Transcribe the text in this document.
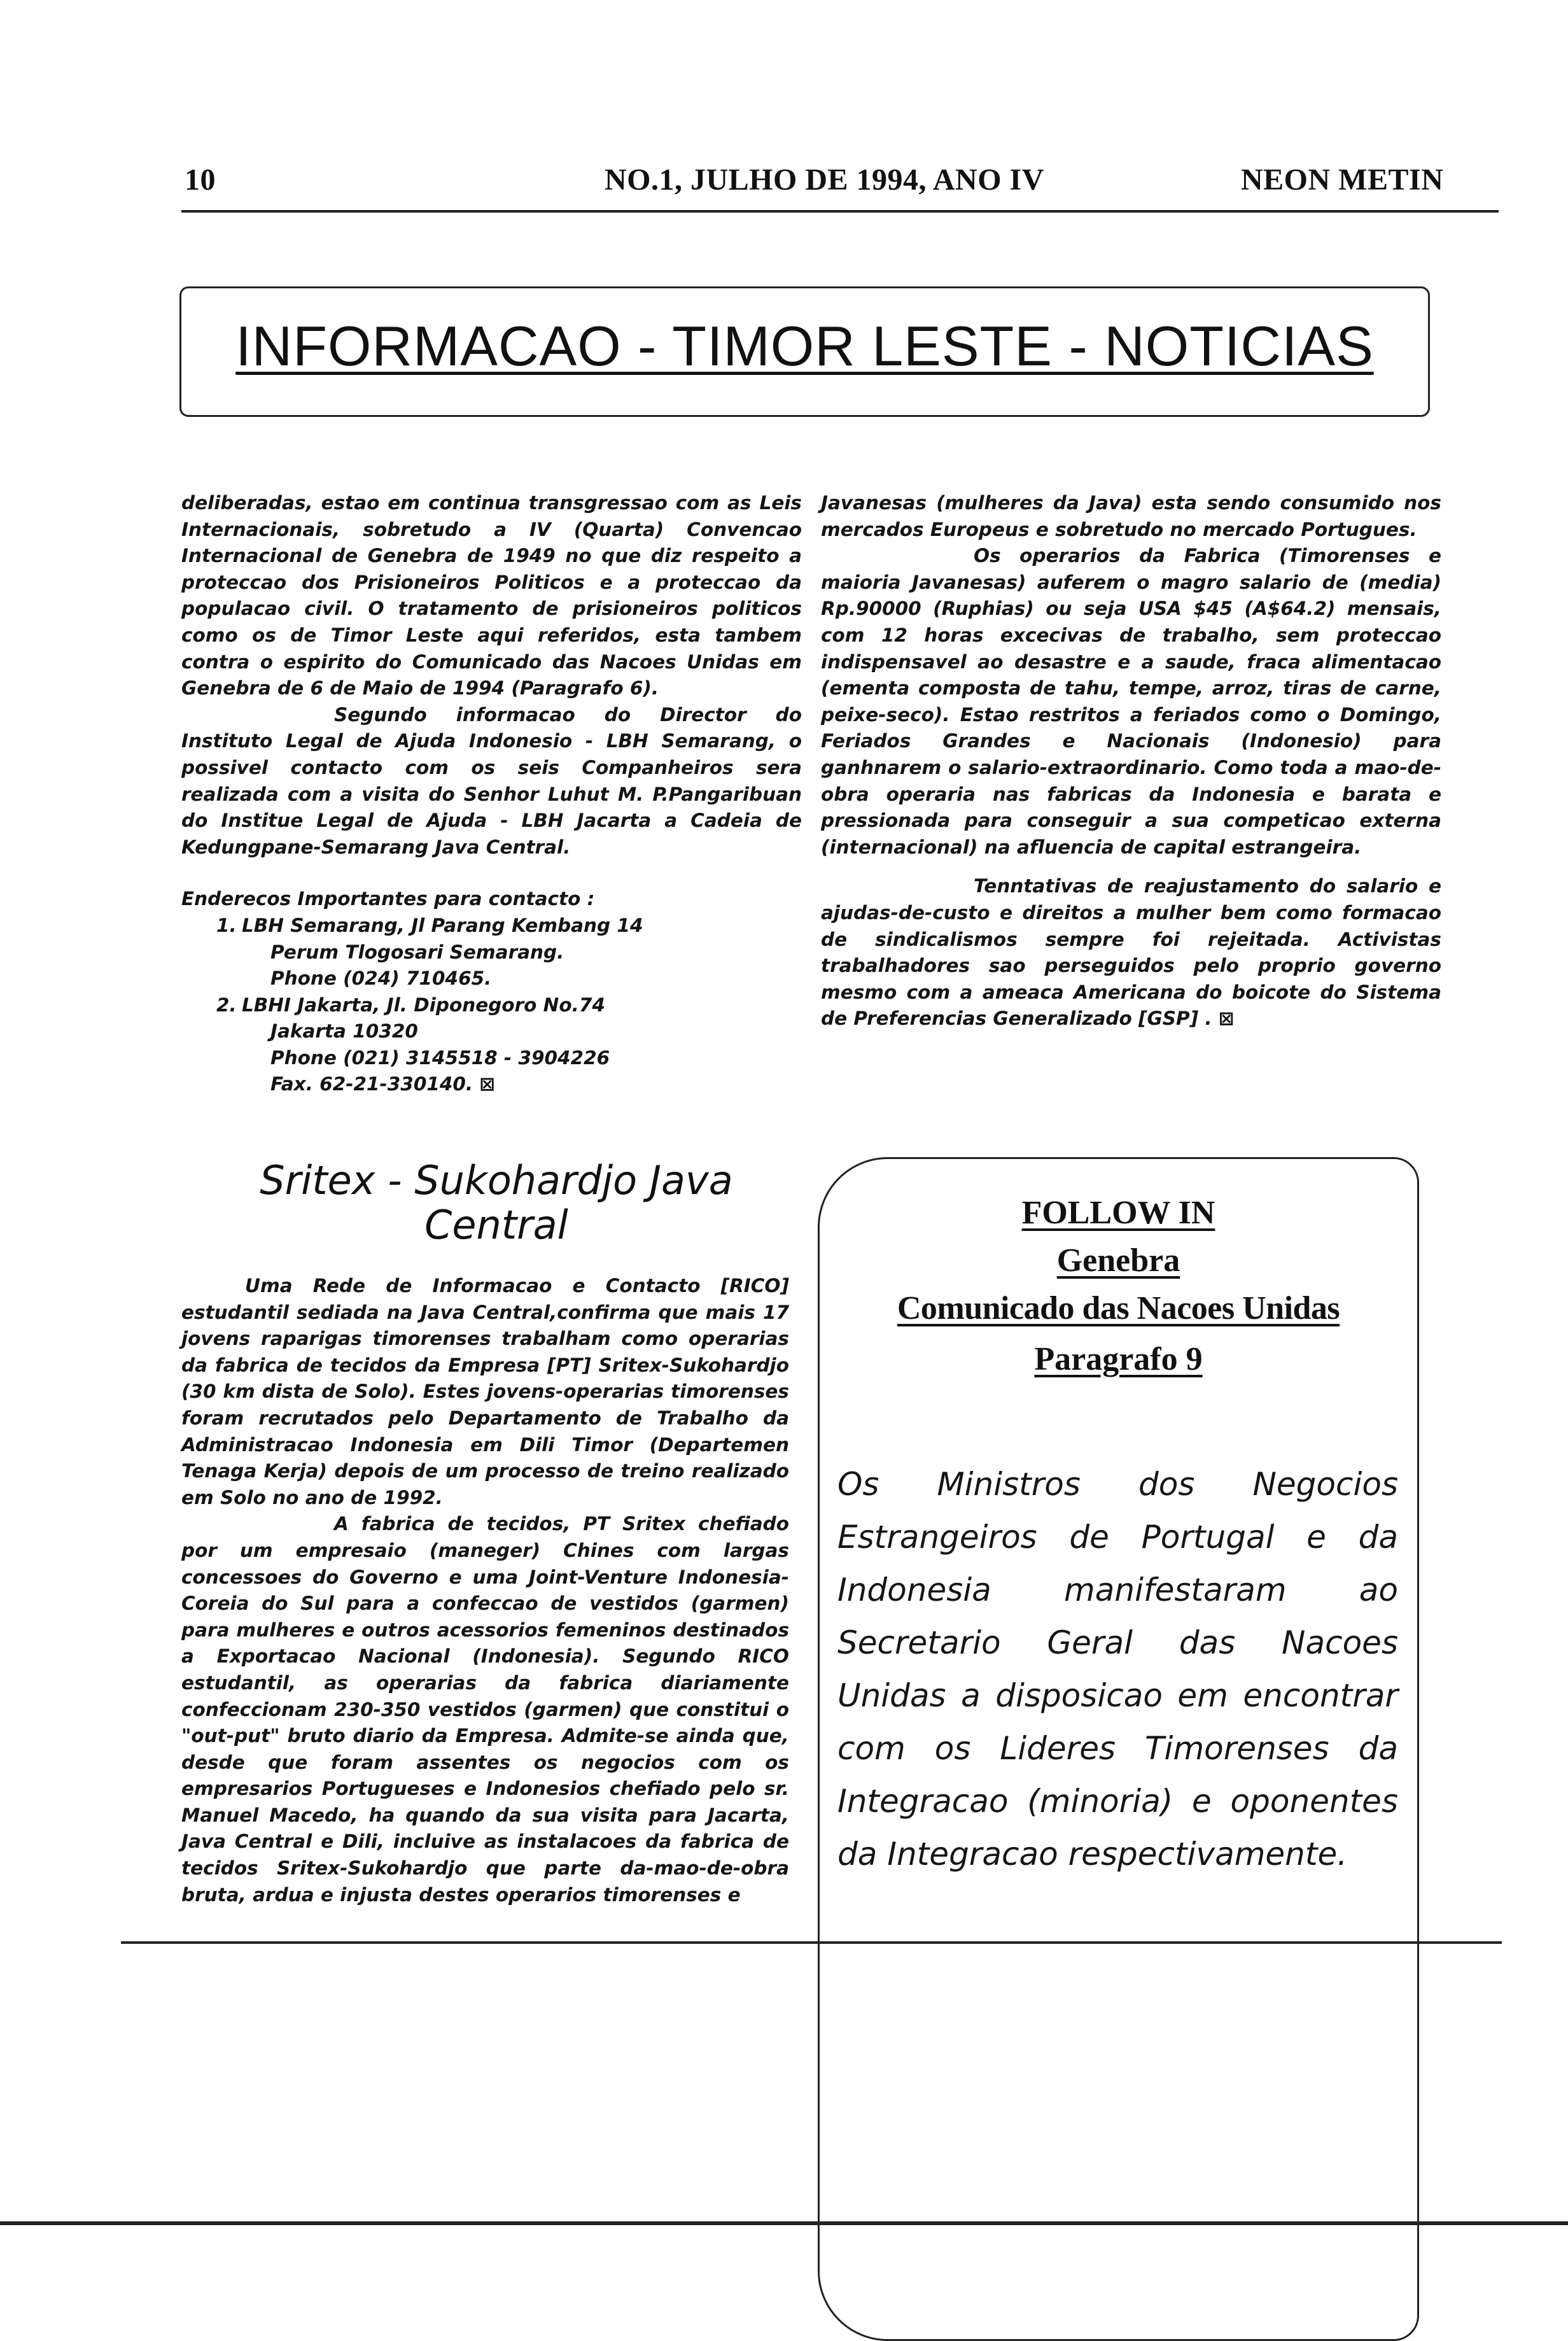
10	NO.1, JULHO DE 1994, ANO IV	NEON METIN
INFORMACAO - TIMOR LESTE - NOTICIAS

deliberadas, estao em continua transgressao com as Leis Internacionais, sobretudo a IV (Quarta) Convencao Internacional de Genebra de 1949 no que diz respeito a proteccao dos Prisioneiros Politicos e a proteccao da populacao civil. O tratamento de prisioneiros politicos como os de Timor Leste aqui referidos, esta tambem contra o espirito do Comunicado das Nacoes Unidas em Genebra de 6 de Maio de 1994 (Paragrafo 6).

Segundo informacao do Director do Instituto Legal de Ajuda Indonesio - LBH Semarang, o possivel contacto com os seis Companheiros sera realizada com a visita do Senhor Luhut M. P.Pangaribuan do Institue Legal de Ajuda - LBH Jacarta a Cadeia de Kedungpane-Semarang Java Central.

Enderecos Importantes para contacto :

1. LBH Semarang, Jl Parang Kembang 14
Perum Tlogosari Semarang.
Phone (024) 710465.
2. LBHI Jakarta, Jl. Diponegoro No.74
Jakarta 10320
Phone (021) 3145518 - 3904226
Fax. 62-21-330140. ⊠

Javanesas (mulheres da Java) esta sendo consumido nos mercados Europeus e sobretudo no mercado Portugues.

Os operarios da Fabrica (Timorenses e maioria Javanesas) auferem o magro salario de (media) Rp.90000 (Ruphias) ou seja USA $45 (A$64.2) mensais, com 12 horas excecivas de trabalho, sem proteccao indispensavel ao desastre e a saude, fraca alimentacao (ementa composta de tahu, tempe, arroz, tiras de carne, peixe-seco). Estao restritos a feriados como o Domingo, Feriados Grandes e Nacionais (Indonesio) para ganhnarem o salario-extraordinario. Como toda a mao-de-obra operaria nas fabricas da Indonesia e barata e pressionada para conseguir a sua competicao externa (internacional) na afluencia de capital estrangeira.

Tenntativas de reajustamento do salario e ajudas-de-custo e direitos a mulher bem como formacao de sindicalismos sempre foi rejeitada. Activistas trabalhadores sao perseguidos pelo proprio governo mesmo com a ameaca Americana do boicote do Sistema de Preferencias Generalizado [GSP] . ⊠

Sritex - Sukohardjo Java
Central

Uma Rede de Informacao e Contacto [RICO] estudantil sediada na Java Central,confirma que mais 17 jovens raparigas timorenses trabalham como operarias da fabrica de tecidos da Empresa [PT] Sritex-Sukohardjo (30 km dista de Solo). Estes jovens-operarias timorenses foram recrutados pelo Departamento de Trabalho da Administracao Indonesia em Dili Timor (Departemen Tenaga Kerja) depois de um processo de treino realizado em Solo no ano de 1992.

A fabrica de tecidos, PT Sritex chefiado por um empresaio (maneger) Chines com largas concessoes do Governo e uma Joint-Venture Indonesia-Coreia do Sul para a confeccao de vestidos (garmen) para mulheres e outros acessorios femeninos destinados a Exportacao Nacional (Indonesia). Segundo RICO estudantil, as operarias da fabrica diariamente confeccionam 230-350 vestidos (garmen) que constitui o "out-put" bruto diario da Empresa. Admite-se ainda que, desde que foram assentes os negocios com os empresarios Portugueses e Indonesios chefiado pelo sr. Manuel Macedo, ha quando da sua visita para Jacarta, Java Central e Dili, incluive as instalacoes da fabrica de tecidos Sritex-Sukohardjo que parte da-mao-de-obra bruta, ardua e injusta destes operarios timorenses e

FOLLOW IN
Genebra
Comunicado das Nacoes Unidas
Paragrafo 9
Os Ministros dos Negocios Estrangeiros de Portugal e da Indonesia manifestaram ao Secretario Geral das Nacoes Unidas a disposicao em encontrar com os Lideres Timorenses da Integracao (minoria) e oponentes da Integracao respectivamente.
